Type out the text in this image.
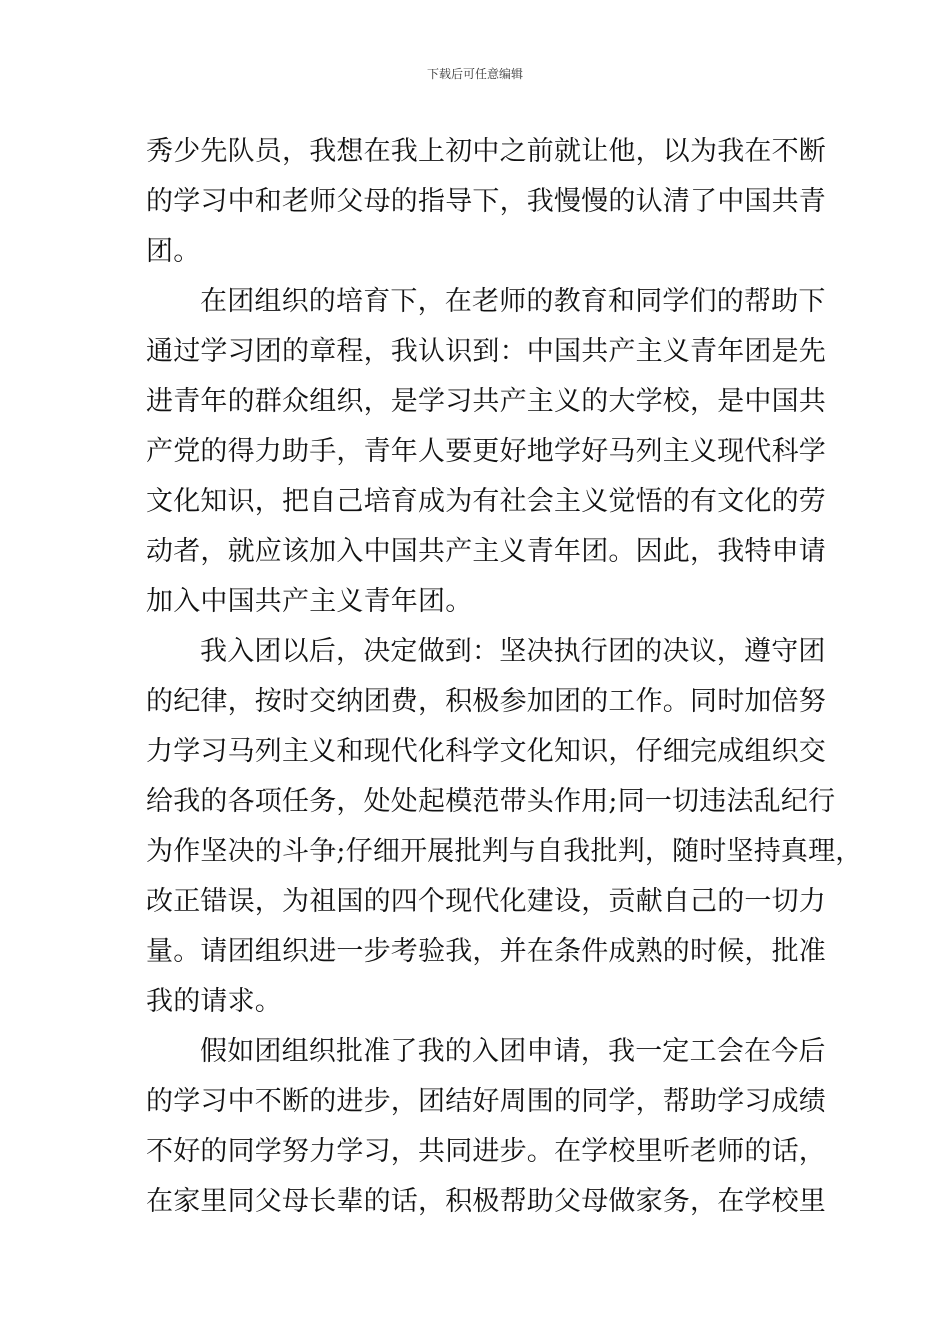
下载后可任意编辑
秀少先队员，我想在我上初中之前就让他，以为我在不断
的学习中和老师父母的指导下，我慢慢的认清了中国共青
团。
在团组织的培育下，在老师的教育和同学们的帮助下
通过学习团的章程，我认识到：中国共产主义青年团是先
进青年的群众组织，是学习共产主义的大学校，是中国共
产党的得力助手，青年人要更好地学好马列主义现代科学
文化知识，把自己培育成为有社会主义觉悟的有文化的劳
动者，就应该加入中国共产主义青年团。因此，我特申请
加入中国共产主义青年团。
我入团以后，决定做到：坚决执行团的决议，遵守团
的纪律，按时交纳团费，积极参加团的工作。同时加倍努
力学习马列主义和现代化科学文化知识，仔细完成组织交
给我的各项任务，处处起模范带头作用;同一切违法乱纪行
为作坚决的斗争;仔细开展批判与自我批判，随时坚持真理，
改正错误，为祖国的四个现代化建设，贡献自己的一切力
量。请团组织进一步考验我，并在条件成熟的时候，批准
我的请求。
假如团组织批准了我的入团申请，我一定工会在今后
的学习中不断的进步，团结好周围的同学，帮助学习成绩
不好的同学努力学习，共同进步。在学校里听老师的话，
在家里同父母长辈的话，积极帮助父母做家务，在学校里
